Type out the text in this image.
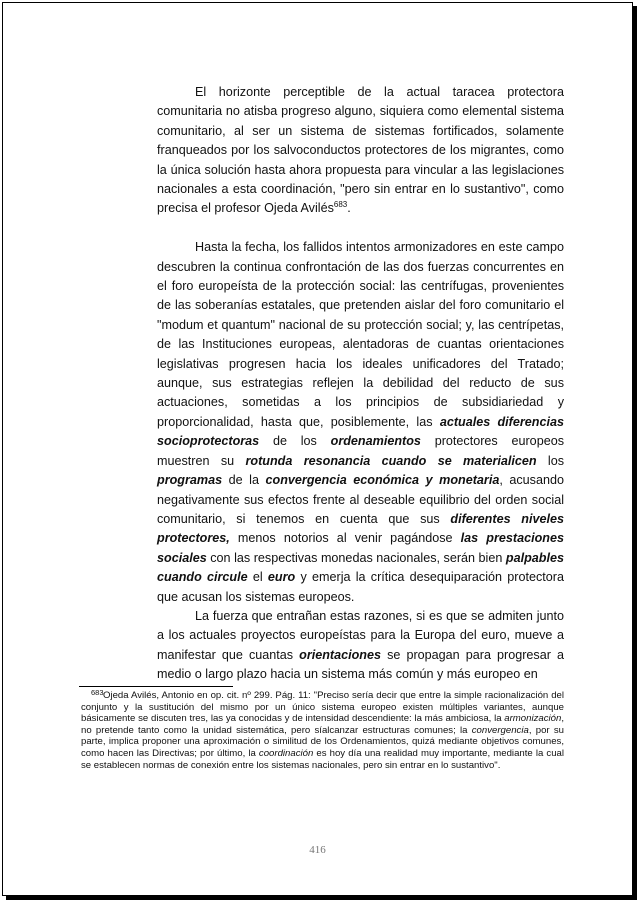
El horizonte perceptible de la actual taracea protectora comunitaria no atisba progreso alguno, siquiera como elemental sistema comunitario, al ser un sistema de sistemas fortificados, solamente franqueados por los salvoconductos protectores de los migrantes, como la única solución hasta ahora propuesta para vincular a las legislaciones nacionales a esta coordinación, "pero sin entrar en lo sustantivo", como precisa el profesor Ojeda Avilés$^{683}$.

Hasta la fecha, los fallidos intentos armonizadores en este campo descubren la continua confrontación de las dos fuerzas concurrentes en el foro europeísta de la protección social: las centrífugas, provenientes de las soberanías estatales, que pretenden aislar del foro comunitario el "modum et quantum" nacional de su protección social; y, las centrípetas, de las Instituciones europeas, alentadoras de cuantas orientaciones legislativas progresen hacia los ideales unificadores del Tratado; aunque, sus estrategias reflejen la debilidad del reducto de sus actuaciones, sometidas a los principios de subsidiariedad y proporcionalidad, hasta que, posiblemente, las actuales diferencias socioprotectoras de los ordenamientos protectores europeos muestren su rotunda resonancia cuando se materialicen los programas de la convergencia económica y monetaria, acusando negativamente sus efectos frente al deseable equilibrio del orden social comunitario, si tenemos en cuenta que sus diferentes niveles protectores, menos notorios al venir pagándose las prestaciones sociales con las respectivas monedas nacionales, serán bien palpables cuando circule el euro y emerja la crítica desequiparación protectora que acusan los sistemas europeos.

La fuerza que entrañan estas razones, si es que se admiten junto a los actuales proyectos europeístas para la Europa del euro, mueve a manifestar que cuantas orientaciones se propagan para progresar a medio o largo plazo hacia un sistema más común y más europeo en

683Ojeda Avilés, Antonio en op. cit. nº 299. Pág. 11: "Preciso sería decir que entre la simple racionalización del conjunto y la sustitución del mismo por un único sistema europeo existen múltiples variantes, aunque básicamente se discuten tres, las ya conocidas y de intensidad descendiente: la más ambiciosa, la armonización, no pretende tanto como la unidad sistemática, pero síalcanzar estructuras comunes; la convergencia, por su parte, implica proponer una aproximación o similitud de los Ordenamientos, quizá mediante objetivos comunes, como hacen las Directivas; por último, la coordinación es hoy día una realidad muy importante, mediante la cual se establecen normas de conexión entre los sistemas nacionales, pero sin entrar en lo sustantivo".
416
